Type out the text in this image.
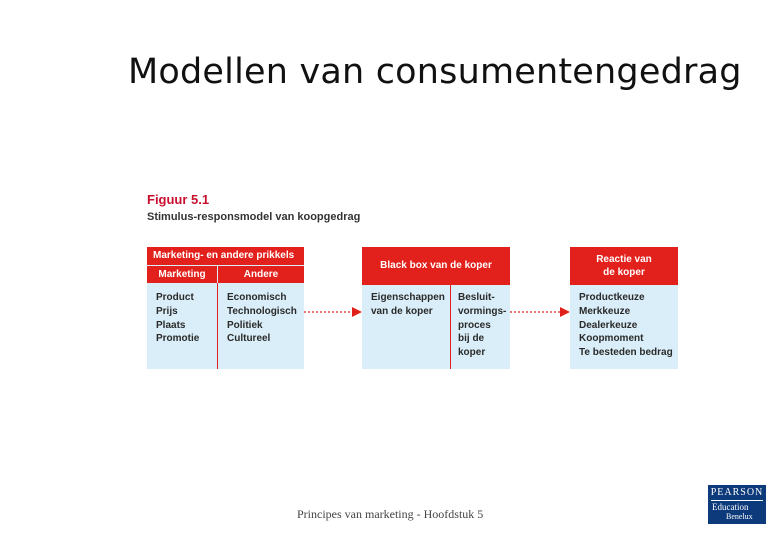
Modellen van consumentengedrag
Figuur 5.1
Stimulus-responsmodel van koopgedrag
Marketing- en andere prikkels
Marketing	Andere
Product
Prijs
Plaats
Promotie
Economisch
Technologisch
Politiek
Cultureel
Black box van de koper
Eigenschappen
van de koper
Besluit-
vormings-
proces
bij de
koper
Reactie van
de koper
Productkeuze
Merkkeuze
Dealerkeuze
Koopmoment
Te besteden bedrag
Principes van marketing - Hoofdstuk 5
PEARSON
Education
Benelux
